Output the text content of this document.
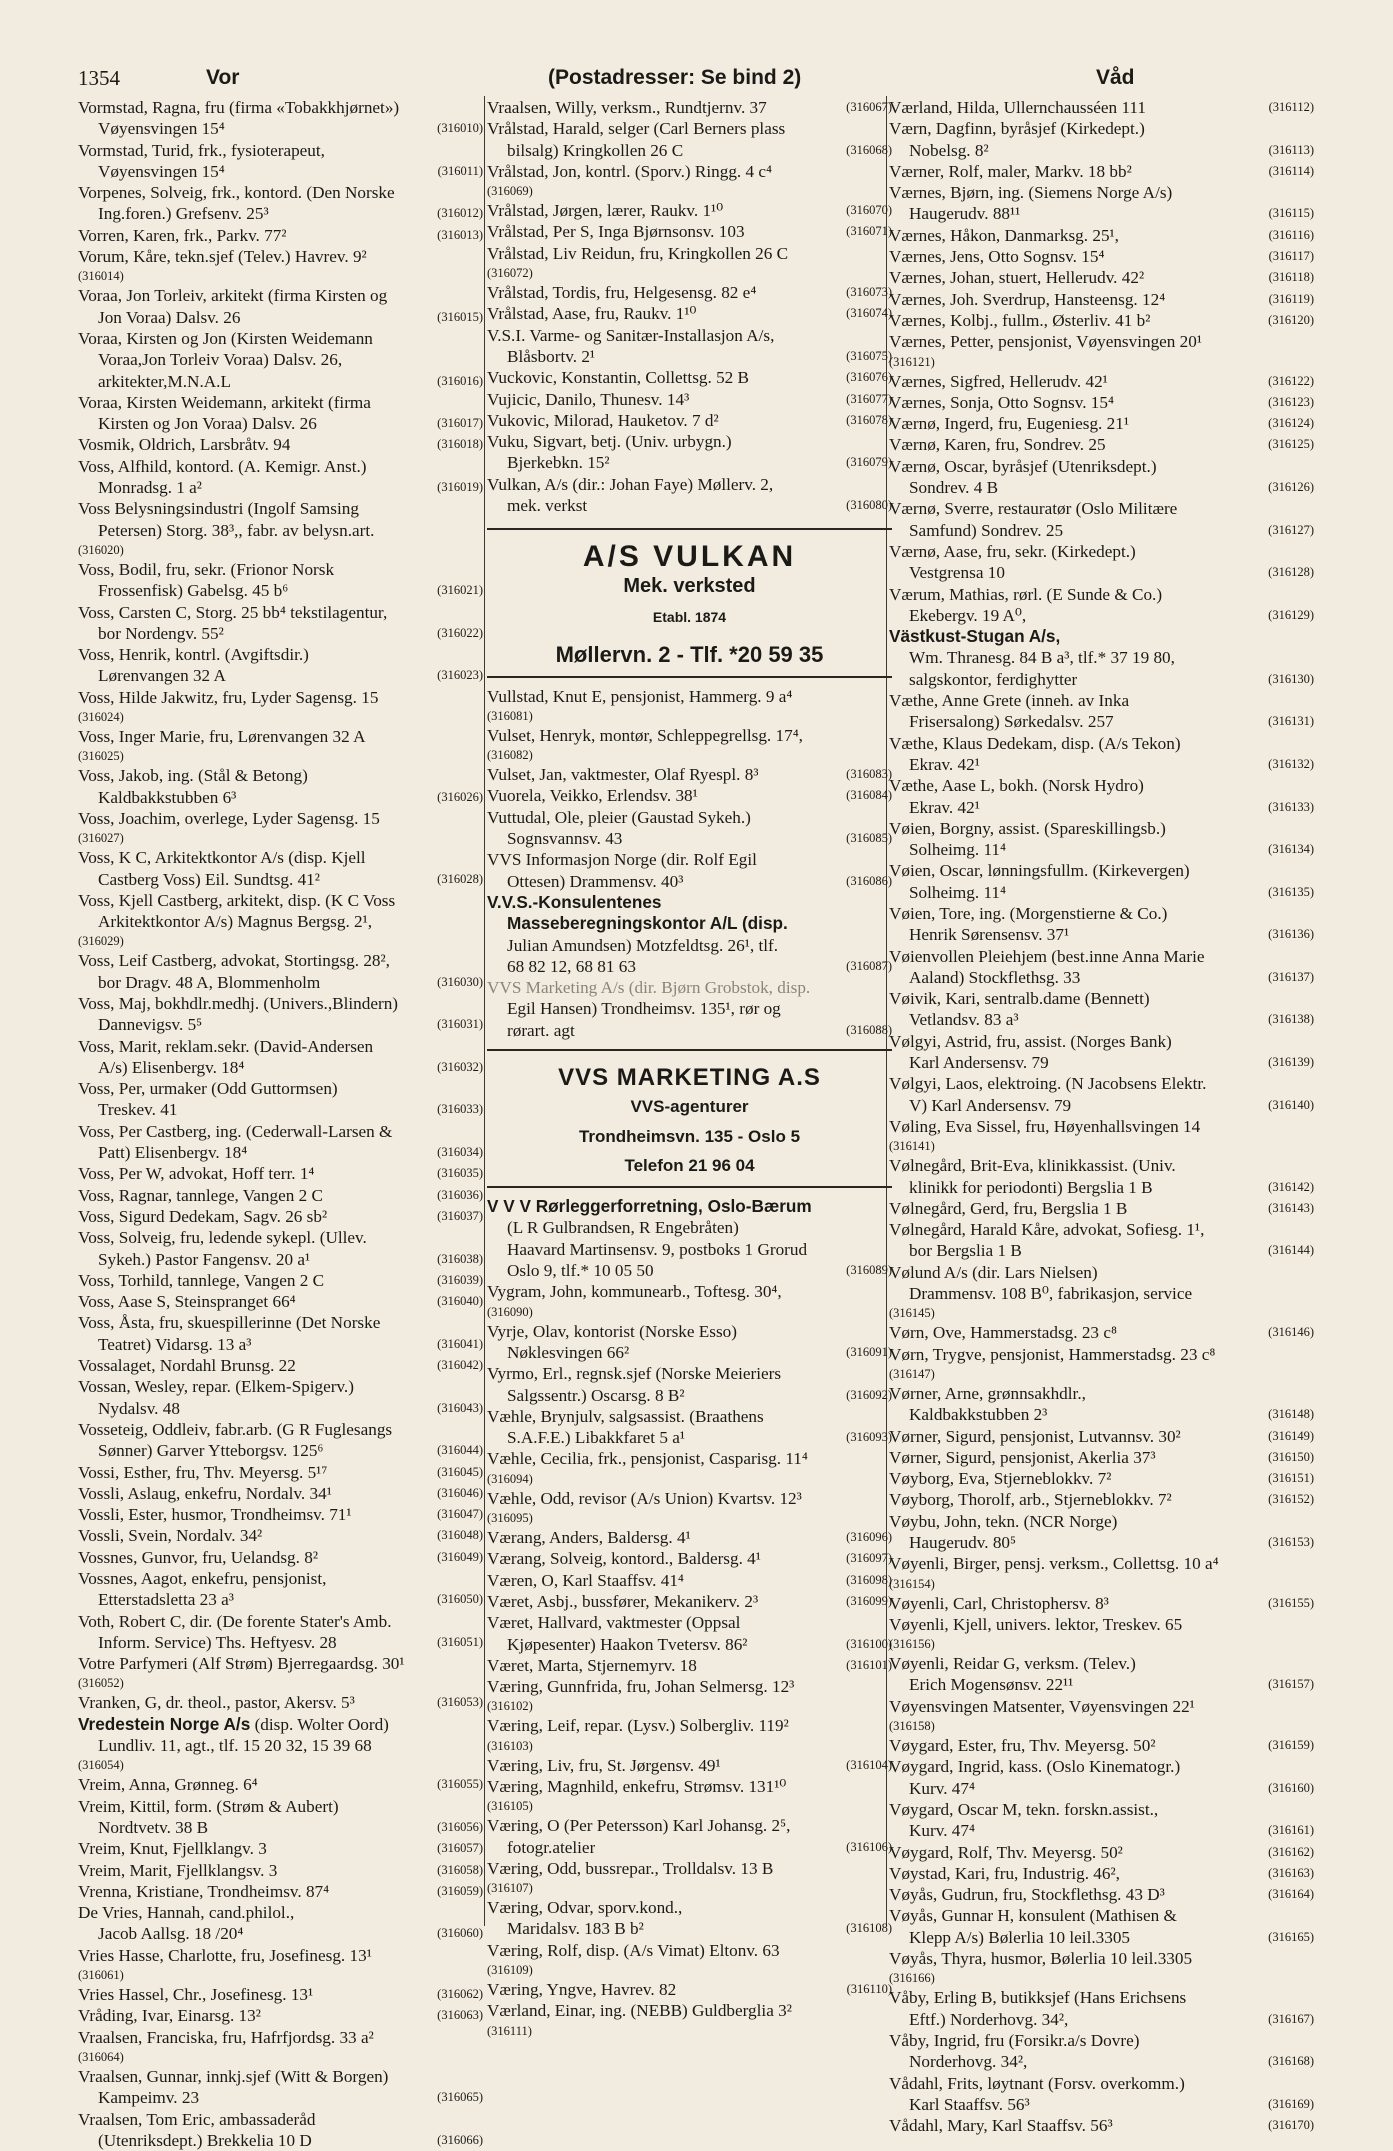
1354	Vor	(Postadresser: Se bind 2)	Våd
Vormstad, Ragna, fru (firma «Tobakkhjørnet»)
Vøyensvingen 15⁴	(316010)
Vormstad, Turid, frk., fysioterapeut,
Vøyensvingen 15⁴	(316011)
Vorpenes, Solveig, frk., kontord. (Den Norske
Ing.foren.) Grefsenv. 25³	(316012)
Vorren, Karen, frk., Parkv. 77²	(316013)
Vorum, Kåre, tekn.sjef (Telev.) Havrev. 9²
(316014)
Voraa, Jon Torleiv, arkitekt (firma Kirsten og
Jon Voraa) Dalsv. 26	(316015)
Voraa, Kirsten og Jon (Kirsten Weidemann
Voraa,Jon Torleiv Voraa) Dalsv. 26,
arkitekter,M.N.A.L	(316016)
Voraa, Kirsten Weidemann, arkitekt (firma
Kirsten og Jon Voraa) Dalsv. 26	(316017)
Vosmik, Oldrich, Larsbråtv. 94	(316018)
Voss, Alfhild, kontord. (A. Kemigr. Anst.)
Monradsg. 1 a²	(316019)
Voss Belysningsindustri (Ingolf Samsing
Petersen) Storg. 38³,, fabr. av belysn.art.
(316020)
Voss, Bodil, fru, sekr. (Frionor Norsk
Frossenfisk) Gabelsg. 45 b⁶	(316021)
Voss, Carsten C, Storg. 25 bb⁴ tekstilagentur,
bor Nordengv. 55²	(316022)
Voss, Henrik, kontrl. (Avgiftsdir.)
Lørenvangen 32 A	(316023)
Voss, Hilde Jakwitz, fru, Lyder Sagensg. 15
(316024)
Voss, Inger Marie, fru, Lørenvangen 32 A
(316025)
Voss, Jakob, ing. (Stål & Betong)
Kaldbakkstubben 6³	(316026)
Voss, Joachim, overlege, Lyder Sagensg. 15
(316027)
Voss, K C, Arkitektkontor A/s (disp. Kjell
Castberg Voss) Eil. Sundtsg. 41²	(316028)
Voss, Kjell Castberg, arkitekt, disp. (K C Voss
Arkitektkontor A/s) Magnus Bergsg. 2¹,
(316029)
Voss, Leif Castberg, advokat, Stortingsg. 28²,
bor Dragv. 48 A, Blommenholm	(316030)
Voss, Maj, bokhdlr.medhj. (Univers.,Blindern)
Dannevigsv. 5⁵	(316031)
Voss, Marit, reklam.sekr. (David-Andersen
A/s) Elisenbergv. 18⁴	(316032)
Voss, Per, urmaker (Odd Guttormsen)
Treskev. 41	(316033)
Voss, Per Castberg, ing. (Cederwall-Larsen &
Patt) Elisenbergv. 18⁴	(316034)
Voss, Per W, advokat, Hoff terr. 1⁴	(316035)
Voss, Ragnar, tannlege, Vangen 2 C	(316036)
Voss, Sigurd Dedekam, Sagv. 26 sb²	(316037)
Voss, Solveig, fru, ledende sykepl. (Ullev.
Sykeh.) Pastor Fangensv. 20 a¹	(316038)
Voss, Torhild, tannlege, Vangen 2 C	(316039)
Voss, Aase S, Steinspranget 66⁴	(316040)
Voss, Åsta, fru, skuespillerinne (Det Norske
Teatret) Vidarsg. 13 a³	(316041)
Vossalaget, Nordahl Brunsg. 22	(316042)
Vossan, Wesley, repar. (Elkem-Spigerv.)
Nydalsv. 48	(316043)
Vosseteig, Oddleiv, fabr.arb. (G R Fuglesangs
Sønner) Garver Ytteborgsv. 125⁶	(316044)
Vossi, Esther, fru, Thv. Meyersg. 5¹⁷	(316045)
Vossli, Aslaug, enkefru, Nordalv. 34¹	(316046)
Vossli, Ester, husmor, Trondheimsv. 71¹	(316047)
Vossli, Svein, Nordalv. 34²	(316048)
Vossnes, Gunvor, fru, Uelandsg. 8²	(316049)
Vossnes, Aagot, enkefru, pensjonist,
Etterstadsletta 23 a³	(316050)
Voth, Robert C, dir. (De forente Stater's Amb.
Inform. Service) Ths. Heftyesv. 28	(316051)
Votre Parfymeri (Alf Strøm) Bjerregaardsg. 30¹
(316052)
Vranken, G, dr. theol., pastor, Akersv. 5³	(316053)
Vredestein Norge A/s (disp. Wolter Oord)
Lundliv. 11, agt., tlf. 15 20 32, 15 39 68
(316054)
Vreim, Anna, Grønneg. 6⁴	(316055)
Vreim, Kittil, form. (Strøm & Aubert)
Nordtvetv. 38 B	(316056)
Vreim, Knut, Fjellklangv. 3	(316057)
Vreim, Marit, Fjellklangsv. 3	(316058)
Vrenna, Kristiane, Trondheimsv. 87⁴	(316059)
De Vries, Hannah, cand.philol.,
Jacob Aallsg. 18 /20⁴	(316060)
Vries Hasse, Charlotte, fru, Josefinesg. 13¹
(316061)
Vries Hassel, Chr., Josefinesg. 13¹	(316062)
Vråding, Ivar, Einarsg. 13²	(316063)
Vraalsen, Franciska, fru, Hafrfjordsg. 33 a²
(316064)
Vraalsen, Gunnar, innkj.sjef (Witt & Borgen)
Kampeimv. 23	(316065)
Vraalsen, Tom Eric, ambassaderåd
(Utenriksdept.) Brekkelia 10 D	(316066)
Vraalsen, Willy, verksm., Rundtjernv. 37	(316067)
Vrålstad, Harald, selger (Carl Berners plass
bilsalg) Kringkollen 26 C	(316068)
Vrålstad, Jon, kontrl. (Sporv.) Ringg. 4 c⁴
(316069)
Vrålstad, Jørgen, lærer, Raukv. 1¹⁰	(316070)
Vrålstad, Per S, Inga Bjørnsonsv. 103	(316071)
Vrålstad, Liv Reidun, fru, Kringkollen 26 C
(316072)
Vrålstad, Tordis, fru, Helgesensg. 82 e⁴	(316073)
Vrålstad, Aase, fru, Raukv. 1¹⁰	(316074)
V.S.I. Varme- og Sanitær-Installasjon A/s,
Blåsbortv. 2¹	(316075)
Vuckovic, Konstantin, Collettsg. 52 B	(316076)
Vujicic, Danilo, Thunesv. 14³	(316077)
Vukovic, Milorad, Hauketov. 7 d²	(316078)
Vuku, Sigvart, betj. (Univ. urbygn.)
Bjerkebkn. 15²	(316079)
Vulkan, A/s (dir.: Johan Faye) Møllerv. 2,
mek. verkst	(316080)
A/S VULKAN
Mek. verksted
Etabl. 1874
Møllervn. 2 - Tlf. *20 59 35
Vullstad, Knut E, pensjonist, Hammerg. 9 a⁴
(316081)
Vulset, Henryk, montør, Schleppegrellsg. 17⁴,
(316082)
Vulset, Jan, vaktmester, Olaf Ryespl. 8³	(316083)
Vuorela, Veikko, Erlendsv. 38¹	(316084)
Vuttudal, Ole, pleier (Gaustad Sykeh.)
Sognsvannsv. 43	(316085)
VVS Informasjon Norge (dir. Rolf Egil
Ottesen) Drammensv. 40³	(316086)
V.V.S.-Konsulentenes
Masseberegningskontor A/L (disp.
Julian Amundsen) Motzfeldtsg. 26¹, tlf.
68 82 12, 68 81 63	(316087)
VVS Marketing A/s (dir. Bjørn Grobstok, disp.
Egil Hansen) Trondheimsv. 135¹, rør og
rørart. agt	(316088)
VVS MARKETING A.S
VVS-agenturer
Trondheimsvn. 135 - Oslo 5
Telefon 21 96 04
V V V Rørleggerforretning, Oslo-Bærum
(L R Gulbrandsen, R Engebråten)
Haavard Martinsensv. 9, postboks 1 Grorud
Oslo 9, tlf.* 10 05 50	(316089)
Vygram, John, kommunearb., Toftesg. 30⁴,
(316090)
Vyrje, Olav, kontorist (Norske Esso)
Nøklesvingen 66²	(316091)
Vyrmo, Erl., regnsk.sjef (Norske Meieriers
Salgssentr.) Oscarsg. 8 B²	(316092)
Væhle, Brynjulv, salgsassist. (Braathens
S.A.F.E.) Libakkfaret 5 a¹	(316093)
Væhle, Cecilia, frk., pensjonist, Casparisg. 11⁴
(316094)
Væhle, Odd, revisor (A/s Union) Kvartsv. 12³
(316095)
Værang, Anders, Baldersg. 4¹	(316096)
Værang, Solveig, kontord., Baldersg. 4¹	(316097)
Væren, O, Karl Staaffsv. 41⁴	(316098)
Været, Asbj., bussfører, Mekanikerv. 2³	(316099)
Været, Hallvard, vaktmester (Oppsal
Kjøpesenter) Haakon Tvetersv. 86²	(316100)
Været, Marta, Stjernemyrv. 18	(316101)
Væring, Gunnfrida, fru, Johan Selmersg. 12³
(316102)
Væring, Leif, repar. (Lysv.) Solbergliv. 119²
(316103)
Væring, Liv, fru, St. Jørgensv. 49¹	(316104)
Væring, Magnhild, enkefru, Strømsv. 131¹⁰
(316105)
Væring, O (Per Petersson) Karl Johansg. 2⁵,
fotogr.atelier	(316106)
Væring, Odd, bussrepar., Trolldalsv. 13 B
(316107)
Væring, Odvar, sporv.kond.,
Maridalsv. 183 B b²	(316108)
Væring, Rolf, disp. (A/s Vimat) Eltonv. 63
(316109)
Væring, Yngve, Havrev. 82	(316110)
Værland, Einar, ing. (NEBB) Guldberglia 3²
(316111)
Værland, Hilda, Ullernchausséen 111	(316112)
Værn, Dagfinn, byråsjef (Kirkedept.)
Nobelsg. 8²	(316113)
Værner, Rolf, maler, Markv. 18 bb²	(316114)
Værnes, Bjørn, ing. (Siemens Norge A/s)
Haugerudv. 88¹¹	(316115)
Værnes, Håkon, Danmarksg. 25¹,	(316116)
Værnes, Jens, Otto Sognsv. 15⁴	(316117)
Værnes, Johan, stuert, Hellerudv. 42²	(316118)
Værnes, Joh. Sverdrup, Hansteensg. 12⁴	(316119)
Værnes, Kolbj., fullm., Østerliv. 41 b²	(316120)
Værnes, Petter, pensjonist, Vøyensvingen 20¹
(316121)
Værnes, Sigfred, Hellerudv. 42¹	(316122)
Værnes, Sonja, Otto Sognsv. 15⁴	(316123)
Værnø, Ingerd, fru, Eugeniesg. 21¹	(316124)
Værnø, Karen, fru, Sondrev. 25	(316125)
Værnø, Oscar, byråsjef (Utenriksdept.)
Sondrev. 4 B	(316126)
Værnø, Sverre, restauratør (Oslo Militære
Samfund) Sondrev. 25	(316127)
Værnø, Aase, fru, sekr. (Kirkedept.)
Vestgrensa 10	(316128)
Værum, Mathias, rørl. (E Sunde & Co.)
Ekebergv. 19 A⁰,	(316129)
Västkust-Stugan A/s,
Wm. Thranesg. 84 B a³, tlf.* 37 19 80,
salgskontor, ferdighytter	(316130)
Væthe, Anne Grete (inneh. av Inka
Frisersalong) Sørkedalsv. 257	(316131)
Væthe, Klaus Dedekam, disp. (A/s Tekon)
Ekrav. 42¹	(316132)
Væthe, Aase L, bokh. (Norsk Hydro)
Ekrav. 42¹	(316133)
Vøien, Borgny, assist. (Spareskillingsb.)
Solheimg. 11⁴	(316134)
Vøien, Oscar, lønningsfullm. (Kirkevergen)
Solheimg. 11⁴	(316135)
Vøien, Tore, ing. (Morgenstierne & Co.)
Henrik Sørensensv. 37¹	(316136)
Vøienvollen Pleiehjem (best.inne Anna Marie
Aaland) Stockflethsg. 33	(316137)
Vøivik, Kari, sentralb.dame (Bennett)
Vetlandsv. 83 a³	(316138)
Vølgyi, Astrid, fru, assist. (Norges Bank)
Karl Andersensv. 79	(316139)
Vølgyi, Laos, elektroing. (N Jacobsens Elektr.
V) Karl Andersensv. 79	(316140)
Vøling, Eva Sissel, fru, Høyenhallsvingen 14
(316141)
Vølnegård, Brit-Eva, klinikkassist. (Univ.
klinikk for periodonti) Bergslia 1 B	(316142)
Vølnegård, Gerd, fru, Bergslia 1 B	(316143)
Vølnegård, Harald Kåre, advokat, Sofiesg. 1¹,
bor Bergslia 1 B	(316144)
Vølund A/s (dir. Lars Nielsen)
Drammensv. 108 B⁰, fabrikasjon, service
(316145)
Vørn, Ove, Hammerstadsg. 23 c⁸	(316146)
Vørn, Trygve, pensjonist, Hammerstadsg. 23 c⁸
(316147)
Vørner, Arne, grønnsakhdlr.,
Kaldbakkstubben 2³	(316148)
Vørner, Sigurd, pensjonist, Lutvannsv. 30²	(316149)
Vørner, Sigurd, pensjonist, Akerlia 37³	(316150)
Vøyborg, Eva, Stjerneblokkv. 7²	(316151)
Vøyborg, Thorolf, arb., Stjerneblokkv. 7²	(316152)
Vøybu, John, tekn. (NCR Norge)
Haugerudv. 80⁵	(316153)
Vøyenli, Birger, pensj. verksm., Collettsg. 10 a⁴
(316154)
Vøyenli, Carl, Christophersv. 8³	(316155)
Vøyenli, Kjell, univers. lektor, Treskev. 65
(316156)
Vøyenli, Reidar G, verksm. (Telev.)
Erich Mogensønsv. 22¹¹	(316157)
Vøyensvingen Matsenter, Vøyensvingen 22¹
(316158)
Vøygard, Ester, fru, Thv. Meyersg. 50²	(316159)
Vøygard, Ingrid, kass. (Oslo Kinematogr.)
Kurv. 47⁴	(316160)
Vøygard, Oscar M, tekn. forskn.assist.,
Kurv. 47⁴	(316161)
Vøygard, Rolf, Thv. Meyersg. 50²	(316162)
Vøystad, Kari, fru, Industrig. 46²,	(316163)
Vøyås, Gudrun, fru, Stockflethsg. 43 D³	(316164)
Vøyås, Gunnar H, konsulent (Mathisen &
Klepp A/s) Bølerlia 10 leil.3305	(316165)
Vøyås, Thyra, husmor, Bølerlia 10 leil.3305
(316166)
Våby, Erling B, butikksjef (Hans Erichsens
Eftf.) Norderhovg. 34²,	(316167)
Våby, Ingrid, fru (Forsikr.a/s Dovre)
Norderhovg. 34²,	(316168)
Vådahl, Frits, løytnant (Forsv. overkomm.)
Karl Staaffsv. 56³	(316169)
Vådahl, Mary, Karl Staaffsv. 56³	(316170)
